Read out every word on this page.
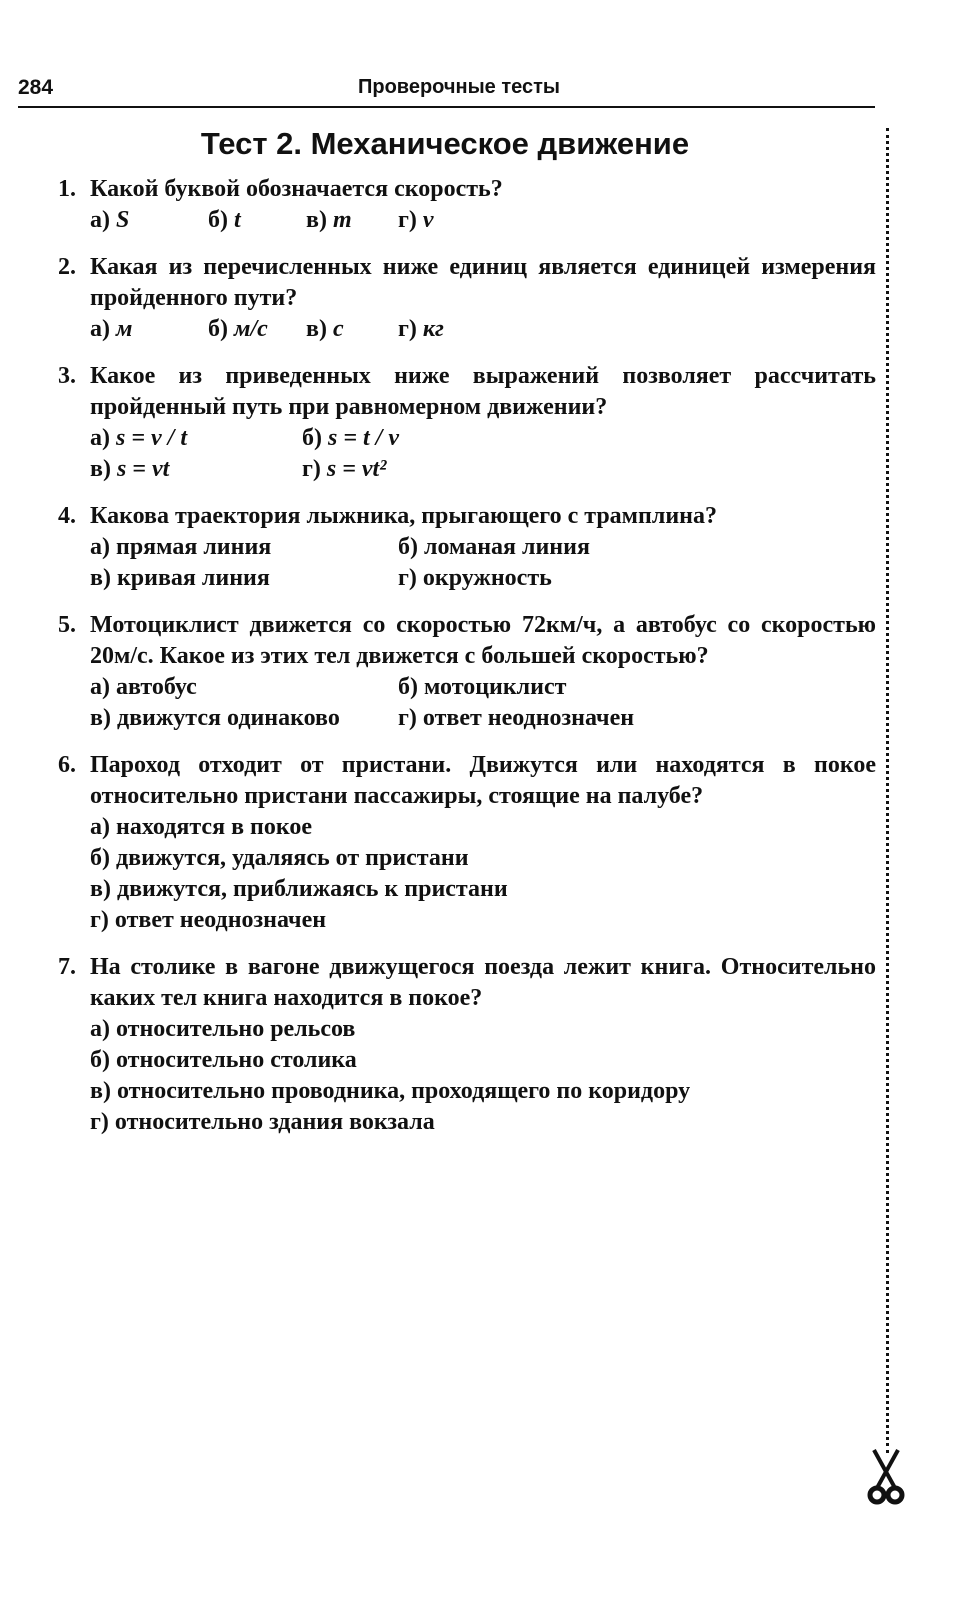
284	Проверочные тесты
Тест 2. Механическое движение
1. Какой буквой обозначается скорость?
а) S	б) t	в) m г) v
2. Какая из перечисленных ниже единиц является единицей измерения пройденного пути?
а) м	б) м/с в) с г) кг
3. Какое из приведенных ниже выражений позволяет рассчитать пройденный путь при равномерном движении?
а) s = v / t	б) s = t / v
в) s = vt	г) s = vt²
4. Какова траектория лыжника, прыгающего с трамплина?
а) прямая линия	б) ломаная линия
в) кривая линия	г) окружность
5. Мотоциклист движется со скоростью 72км/ч, а автобус со скоростью 20м/с. Какое из этих тел движется с большей скоростью?
а) автобус	б) мотоциклист
в) движутся одинаково г) ответ неоднозначен
6. Пароход отходит от пристани. Движутся или находятся в покое относительно пристани пассажиры, стоящие на палубе?
а) находятся в покое
б) движутся, удаляясь от пристани
в) движутся, приближаясь к пристани
г) ответ неоднозначен
7. На столике в вагоне движущегося поезда лежит книга. Относительно каких тел книга находится в покое?
а) относительно рельсов
б) относительно столика
в) относительно проводника, проходящего по коридору
г) относительно здания вокзала
